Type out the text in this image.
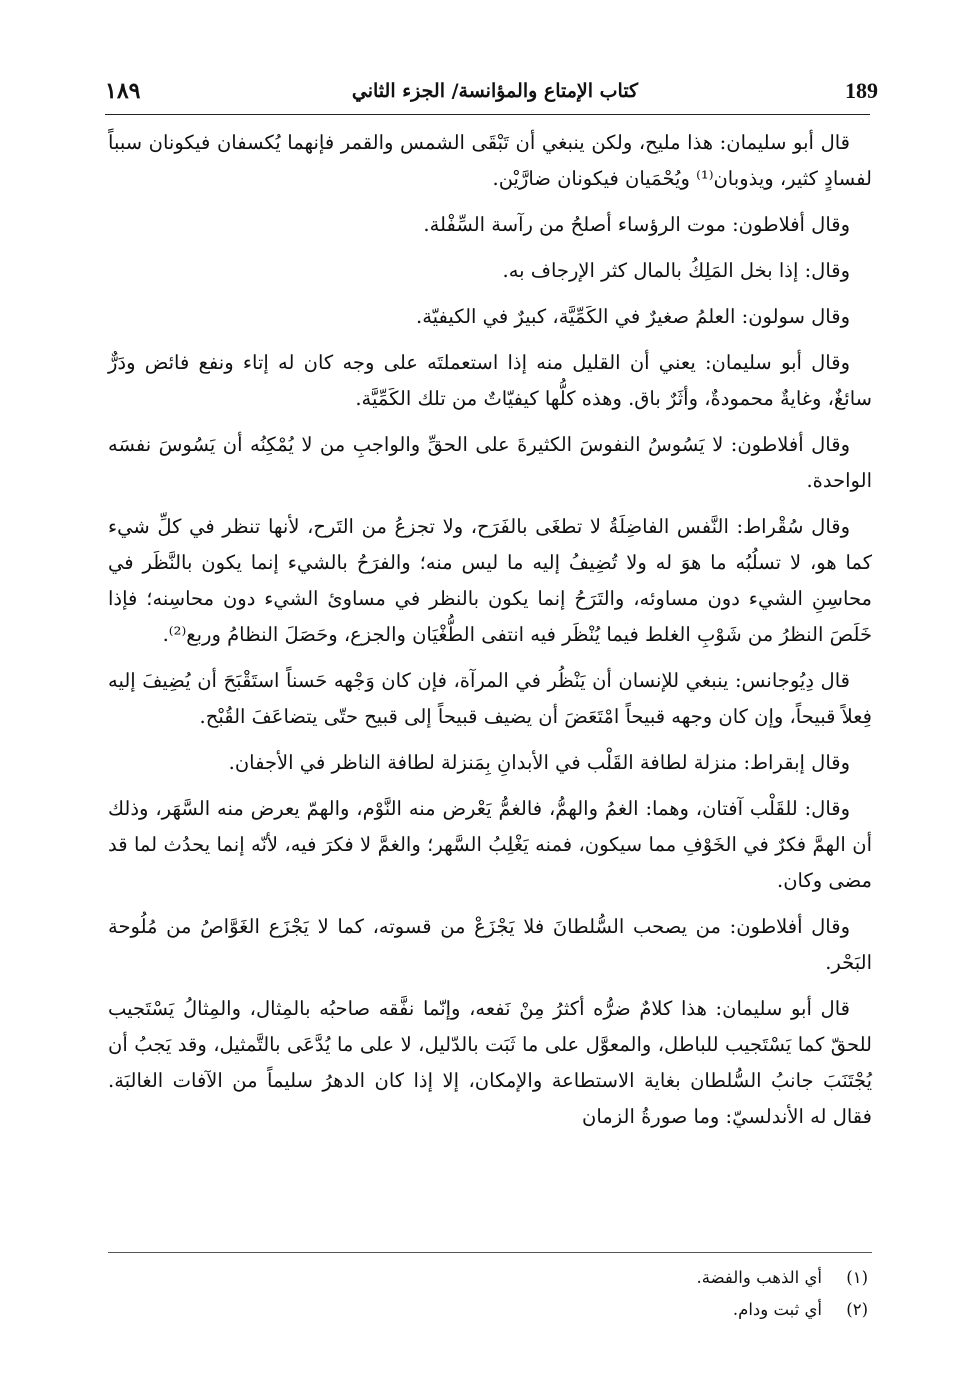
189
كتاب الإمتاع والمؤانسة/ الجزء الثاني
١٨٩

قال أبو سليمان: هذا مليح، ولكن ينبغي أن تَبْقَى الشمس والقمر فإنهما يُكسفان فيكونان سبباً لفسادٍ كثير، ويذوبان⁽¹⁾ ويُحْمَيان فيكونان ضارَّيْن.

وقال أفلاطون: موت الرؤساء أصلحُ من رآسة السِّفْلة.

وقال: إذا بخل المَلِكُ بالمال كثر الإرجاف به.

وقال سولون: العلمُ صغيرٌ في الكَمِّيَّة، كبيرٌ في الكيفيّة.

وقال أبو سليمان: يعني أن القليل منه إذا استعملتَه على وجه كان له إتاء ونفع فائض ودَرٌّ سائغٌ، وغايةٌ محمودةٌ، وأثَرٌ باق. وهذه كلُّها كيفيّاتٌ من تلك الكَمِّيَّة.

وقال أفلاطون: لا يَسُوسُ النفوسَ الكثيرةَ على الحقِّ والواجبِ من لا يُمْكِنُه أن يَسُوسَ نفسَه الواحدة.

وقال سُقْراط: النَّفس الفاضِلَةُ لا تطغَى بالفَرَح، ولا تجزعُ من التَرح، لأنها تنظر في كلِّ شيء كما هو، لا تسلُبُه ما هوَ له ولا تُضِيفُ إليه ما ليس منه؛ والفرَحُ بالشيء إنما يكون بالنَّظَر في محاسِنِ الشيء دون مساوئه، والتَرَحُ إنما يكون بالنظر في مساوئ الشيء دون محاسِنه؛ فإذا خَلَصَ النظرُ من شَوْبِ الغلط فيما يُنْظَر فيه انتفى الطُّغْيَان والجزع، وحَصَلَ النظامُ وربع⁽²⁾.

قال دِيُوجانس: ينبغي للإنسان أن يَنْظُر في المرآة، فإن كان وَجْهه حَسناً استَقْبَحَ أن يُضِيفَ إليه فِعلاً قبيحاً، وإن كان وجهه قبيحاً امْتَعَضَ أن يضيف قبيحاً إلى قبيح حتّى يتضاعَفَ القُبْح.

وقال إبقراط: منزلة لطافة القَلْب في الأبدانِ بِمَنزلة لطافة الناظر في الأجفان.

وقال: للقَلْب آفتان، وهما: الغمُ والهمُّ، فالغمُّ يَعْرض منه النَّوْم، والهمّ يعرض منه السَّهَر، وذلك أن الهمَّ فكرٌ في الخَوْفِ مما سيكون، فمنه يَغْلِبُ السَّهر؛ والغمَّ لا فكرَ فيه، لأنّه إنما يحدُث لما قد مضى وكان.

وقال أفلاطون: من يصحب السُّلطانَ فلا يَجْزَعْ من قسوته، كما لا يَجْزَع الغَوَّاصُ من مُلُوحة البَحْر.

قال أبو سليمان: هذا كلامٌ ضرُّه أكثرُ مِنْ نَفعه، وإنّما نفَّقه صاحبُه بالمِثال، والمِثالُ يَسْتَجيب للحقّ كما يَسْتَجيب للباطل، والمعوَّل على ما ثَبَت بالدّليل، لا على ما يُدَّعَى بالتَّمثيل، وقد يَجبُ أن يُجْتَنَبَ جانبُ السُّلطان بغاية الاستطاعة والإمكان، إلا إذا كان الدهرُ سليماً من الآفات الغالبَة. فقال له الأندلسيّ: وما صورةُ الزمان

(١)
أي الذهب والفضة.
(٢)
أي ثبت ودام.
